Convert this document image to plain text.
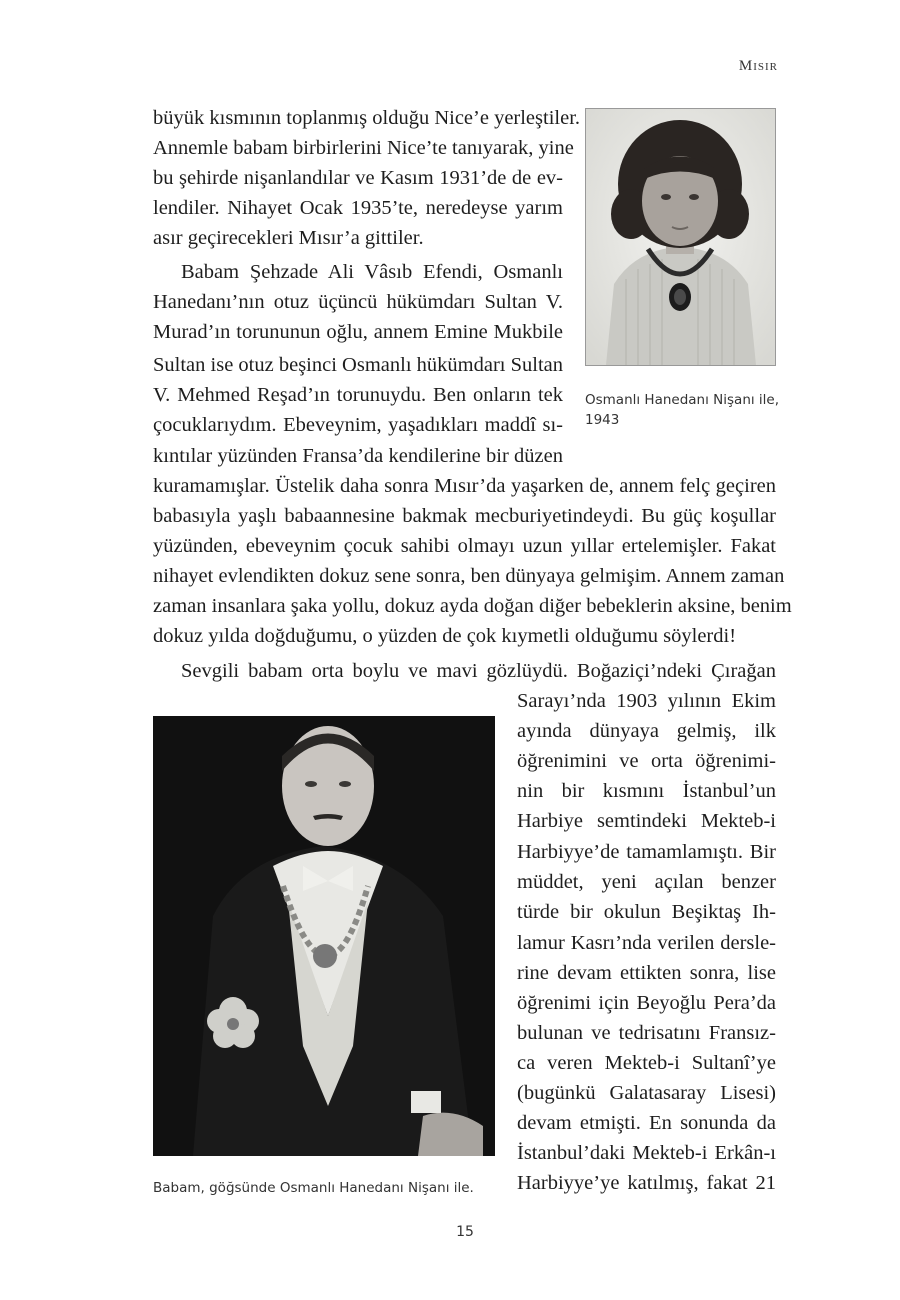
Mısır
büyük kısmının toplanmış olduğu Nice’e yerleştiler.
Annemle babam birbirlerini Nice’te tanıyarak, yine
bu şehirde nişanlandılar ve Kasım 1931’de de ev-
lendiler. Nihayet Ocak 1935’te, neredeyse yarım
asır geçirecekleri Mısır’a gittiler.
Babam Şehzade Ali Vâsıb Efendi, Osmanlı
Hanedanı’nın otuz üçüncü hükümdarı Sultan V.
Murad’ın torununun oğlu, annem Emine Mukbile
Sultan ise otuz beşinci Osmanlı hükümdarı Sultan
V. Mehmed Reşad’ın torunuydu. Ben onların tek
çocuklarıydım. Ebeveynim, yaşadıkları maddî sı-
kıntılar yüzünden Fransa’da kendilerine bir düzen
kuramamışlar. Üstelik daha sonra Mısır’da yaşarken de, annem felç geçiren
babasıyla yaşlı babaannesine bakmak mecburiyetindeydi. Bu güç koşullar
yüzünden, ebeveynim çocuk sahibi olmayı uzun yıllar ertelemişler. Fakat
nihayet evlendikten dokuz sene sonra, ben dünyaya gelmişim. Annem zaman
zaman insanlara şaka yollu, dokuz ayda doğan diğer bebeklerin aksine, benim
dokuz yılda doğduğumu, o yüzden de çok kıymetli olduğumu söylerdi!
Sevgili babam orta boylu ve mavi gözlüydü. Boğaziçi’ndeki Çırağan
Sarayı’nda 1903 yılının Ekim
ayında dünyaya gelmiş, ilk
öğrenimini ve orta öğrenimi-
nin bir kısmını İstanbul’un
Harbiye semtindeki Mekteb-i
Harbiyye’de tamamlamıştı. Bir
müddet, yeni açılan benzer
türde bir okulun Beşiktaş Ih-
lamur Kasrı’nda verilen dersle-
rine devam ettikten sonra, lise
öğrenimi için Beyoğlu Pera’da
bulunan ve tedrisatını Fransız-
ca veren Mekteb-i Sultanî’ye
(bugünkü Galatasaray Lisesi)
devam etmişti. En sonunda da
İstanbul’daki Mekteb-i Erkân-ı
Harbiyye’ye katılmış, fakat 21
Osmanlı Hanedanı Nişanı ile,
1943
Babam, göğsünde Osmanlı Hanedanı Nişanı ile.
15
